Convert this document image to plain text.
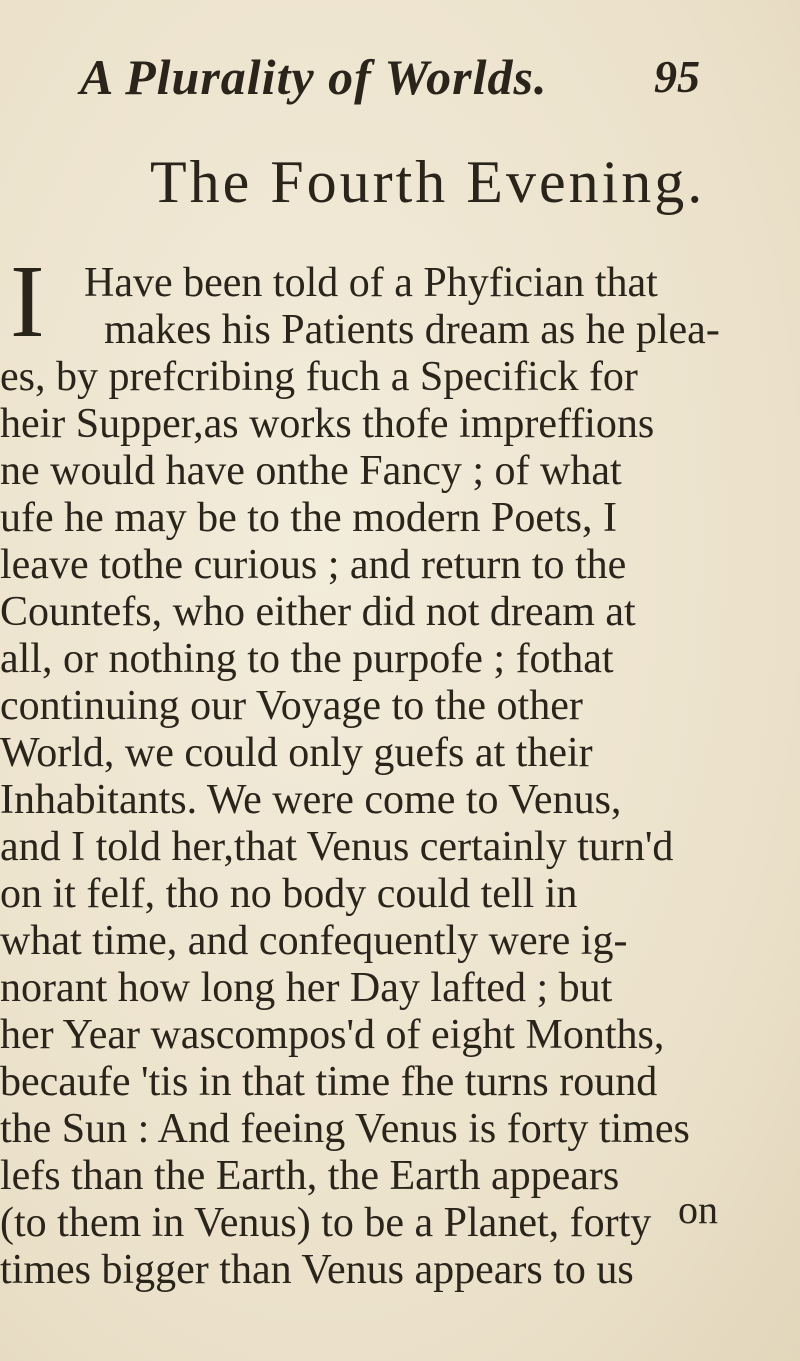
A Plurality of Worlds. 95
The Fourth Evening.
I Have been told of a Phyfician that
makes his Patients dream as he plea-
es, by prefcribing fuch a Specifick for
heir Supper,as works thofe impreffions
ne would have onthe Fancy ; of what
ufe he may be to the modern Poets, I
leave tothe curious ; and return to the
Countefs, who either did not dream at
all, or nothing to the purpofe ; fothat
continuing our Voyage to the other
World, we could only guefs at their
Inhabitants. We were come to Venus,
and I told her,that Venus certainly turn'd
on it felf, tho no body could tell in
what time, and confequently were ig-
norant how long her Day lafted ; but
her Year wascompos'd of eight Months,
becaufe 'tis in that time fhe turns round
the Sun : And feeing Venus is forty times
lefs than the Earth, the Earth appears
(to them in Venus) to be a Planet, forty
times bigger than Venus appears to us
on
